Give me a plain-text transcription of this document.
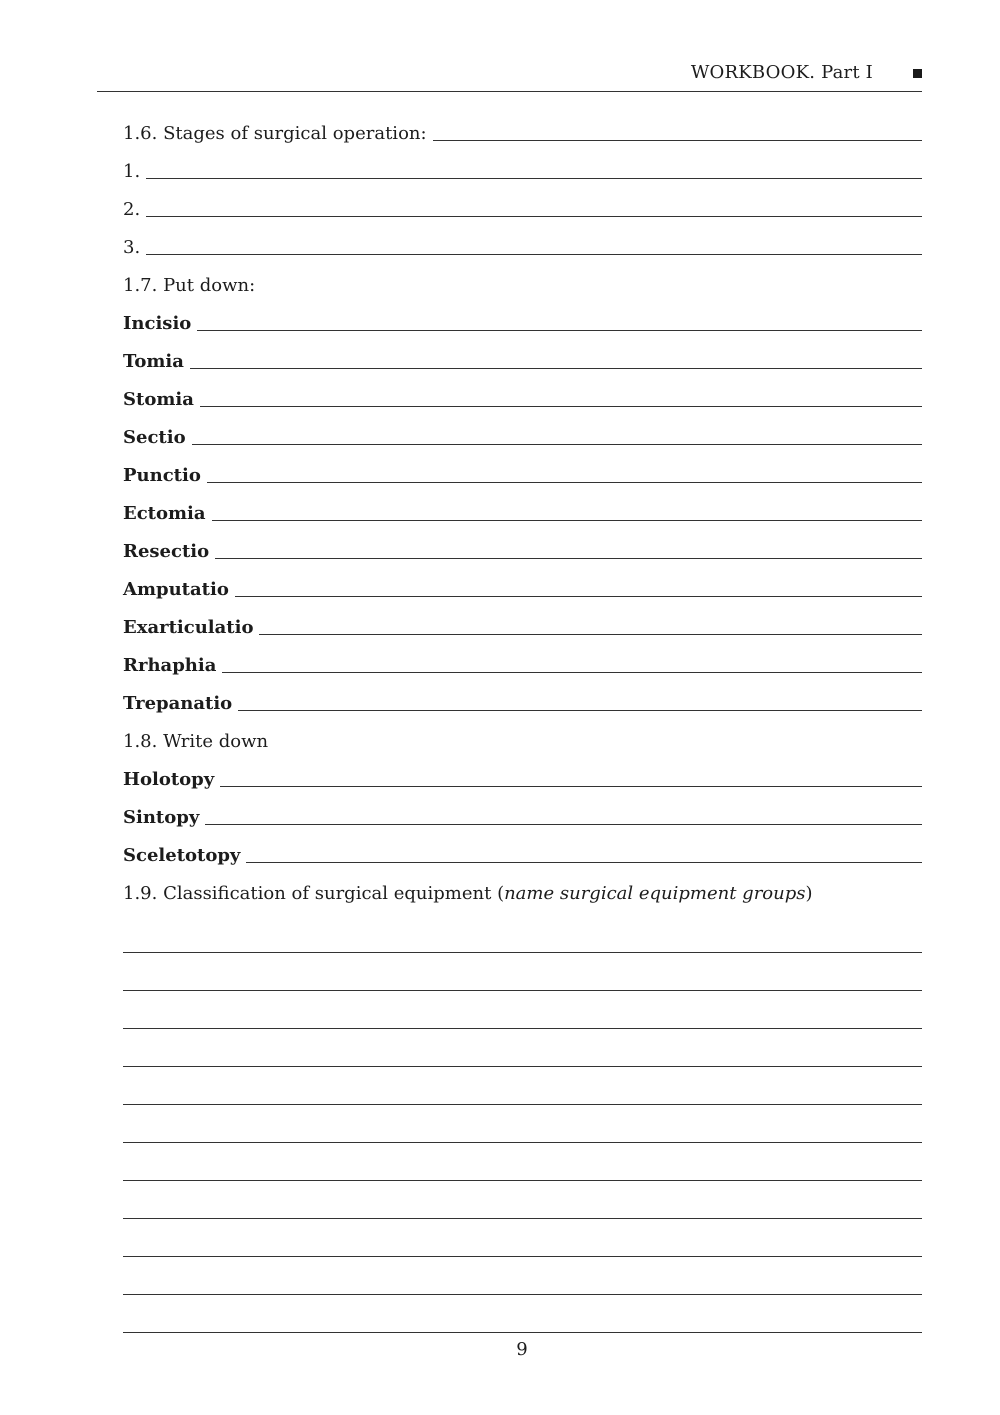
WORKBOOK. Part I
1.6. Stages of surgical operation:
1.
2.
3.
1.7. Put down:
Incisio
Tomia
Stomia
Sectio
Punctio
Ectomia
Resectio
Amputatio
Exarticulatio
Rrhaphia
Trepanatio
1.8. Write down
Holotopy
Sintopy
Sceletotopy
1.9. Classification of surgical equipment (name surgical equipment groups)
9
